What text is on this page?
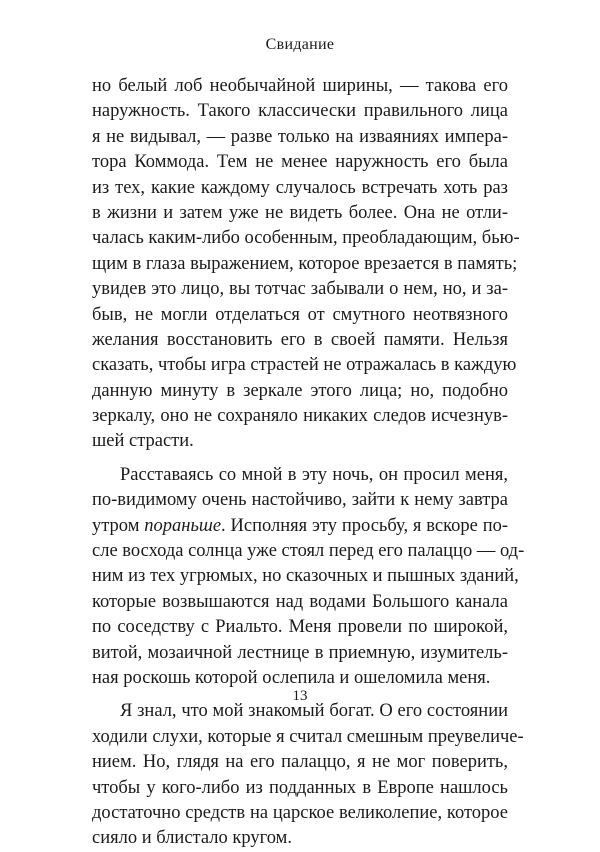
Свидание
но белый лоб необычайной ширины, — такова его
наружность. Такого классически правильного лица
я не видывал, — разве только на изваяниях импера-
тора Коммода. Тем не менее наружность его была
из тех, какие каждому случалось встречать хоть раз
в жизни и затем уже не видеть более. Она не отли-
чалась каким-либо особенным, преобладающим, бью-
щим в глаза выражением, которое врезается в память;
увидев это лицо, вы тотчас забывали о нем, но, и за-
быв, не могли отделаться от смутного неотвязного
желания восстановить его в своей памяти. Нельзя
сказать, чтобы игра страстей не отражалась в каждую
данную минуту в зеркале этого лица; но, подобно
зеркалу, оно не сохраняло никаких следов исчезнув-
шей страсти.
Расставаясь со мной в эту ночь, он просил меня,
по-видимому очень настойчиво, зайти к нему завтра
утром пораньше. Исполняя эту просьбу, я вскоре по-
сле восхода солнца уже стоял перед его палаццо — од-
ним из тех угрюмых, но сказочных и пышных зданий,
которые возвышаются над водами Большого канала
по соседству с Риальто. Меня провели по широкой,
витой, мозаичной лестнице в приемную, изумитель-
ная роскошь которой ослепила и ошеломила меня.
Я знал, что мой знакомый богат. О его состоянии
ходили слухи, которые я считал смешным преувеличе-
нием. Но, глядя на его палаццо, я не мог поверить,
чтобы у кого-либо из подданных в Европе нашлось
достаточно средств на царское великолепие, которое
сияло и блистало кругом.
13
